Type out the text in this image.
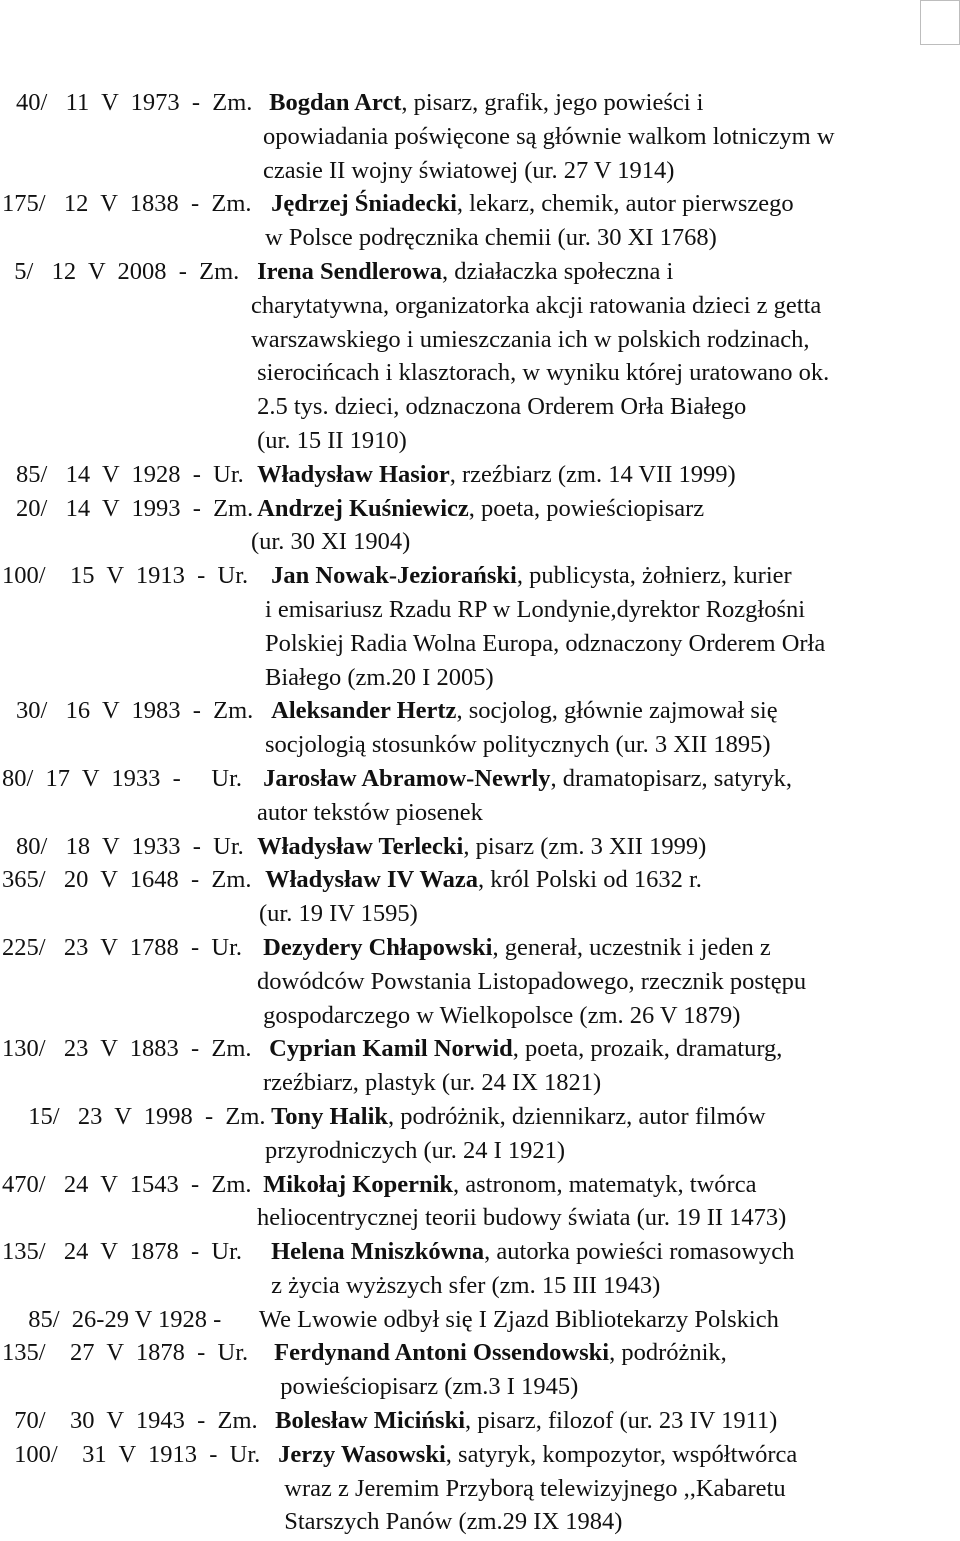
40/   11  V  1973  -  Zm. Bogdan Arct, pisarz, grafik, jego powieści i
opowiadania poświęcone są głównie walkom lotniczym w
czasie II wojny światowej (ur. 27 V 1914)
175/   12  V  1838  -  Zm. Jędrzej Śniadecki, lekarz, chemik, autor pierwszego
w Polsce podręcznika chemii (ur. 30 XI 1768)
5/   12  V  2008  -  Zm. Irena Sendlerowa, działaczka społeczna i
charytatywna, organizatorka akcji ratowania dzieci z getta
warszawskiego i umieszczania ich w polskich rodzinach,
sierocińcach i klasztorach, w wyniku której uratowano ok.
2.5 tys. dzieci, odznaczona Orderem Orła Białego
(ur. 15 II 1910)
85/   14  V  1928  -  Ur. Władysław Hasior, rzeźbiarz (zm. 14 VII 1999)
20/   14  V  1993  -  Zm. Andrzej Kuśniewicz, poeta, powieściopisarz
(ur. 30 XI 1904)
100/    15  V  1913  -  Ur. Jan Nowak-Jeziorański, publicysta, żołnierz, kurier
i emisariusz Rzadu RP w Londynie,dyrektor Rozgłośni
Polskiej Radia Wolna Europa, odznaczony Orderem Orła
Białego (zm.20 I 2005)
30/   16  V  1983  -  Zm. Aleksander Hertz, socjolog, głównie zajmował się
socjologią stosunków politycznych (ur. 3 XII 1895)
80/  17  V  1933  -     Ur. Jarosław Abramow-Newrly, dramatopisarz, satyryk,
autor tekstów piosenek
80/   18  V  1933  -  Ur. Władysław Terlecki, pisarz (zm. 3 XII 1999)
365/   20  V  1648  -  Zm. Władysław IV Waza, król Polski od 1632 r.
(ur. 19 IV 1595)
225/   23  V  1788  -  Ur. Dezydery Chłapowski, generał, uczestnik i jeden z
dowódców Powstania Listopadowego, rzecznik postępu
gospodarczego w Wielkopolsce (zm. 26 V 1879)
130/   23  V  1883  -  Zm. Cyprian Kamil Norwid, poeta, prozaik, dramaturg,
rzeźbiarz, plastyk (ur. 24 IX 1821)
15/   23  V  1998  -  Zm. Tony Halik, podróżnik, dziennikarz, autor filmów
przyrodniczych (ur. 24 I 1921)
470/   24  V  1543  -  Zm. Mikołaj Kopernik, astronom, matematyk, twórca
heliocentrycznej teorii budowy świata (ur. 19 II 1473)
135/   24  V  1878  -  Ur.	Helena Mniszkówna, autorka powieści romasowych
z życia wyższych sfer (zm. 15 III 1943)
85/  26-29 V 1928 - We Lwowie odbył się I Zjazd Bibliotekarzy Polskich
135/    27  V  1878  -  Ur.	Ferdynand Antoni Ossendowski, podróżnik,
powieściopisarz (zm.3 I 1945)
70/    30  V  1943  -  Zm. Bolesław Miciński, pisarz, filozof (ur. 23 IV 1911)
100/    31  V  1913  -  Ur. Jerzy Wasowski, satyryk, kompozytor, współtwórca
wraz z Jeremim Przyborą telewizyjnego ,,Kabaretu
Starszych Panów (zm.29 IX 1984)
